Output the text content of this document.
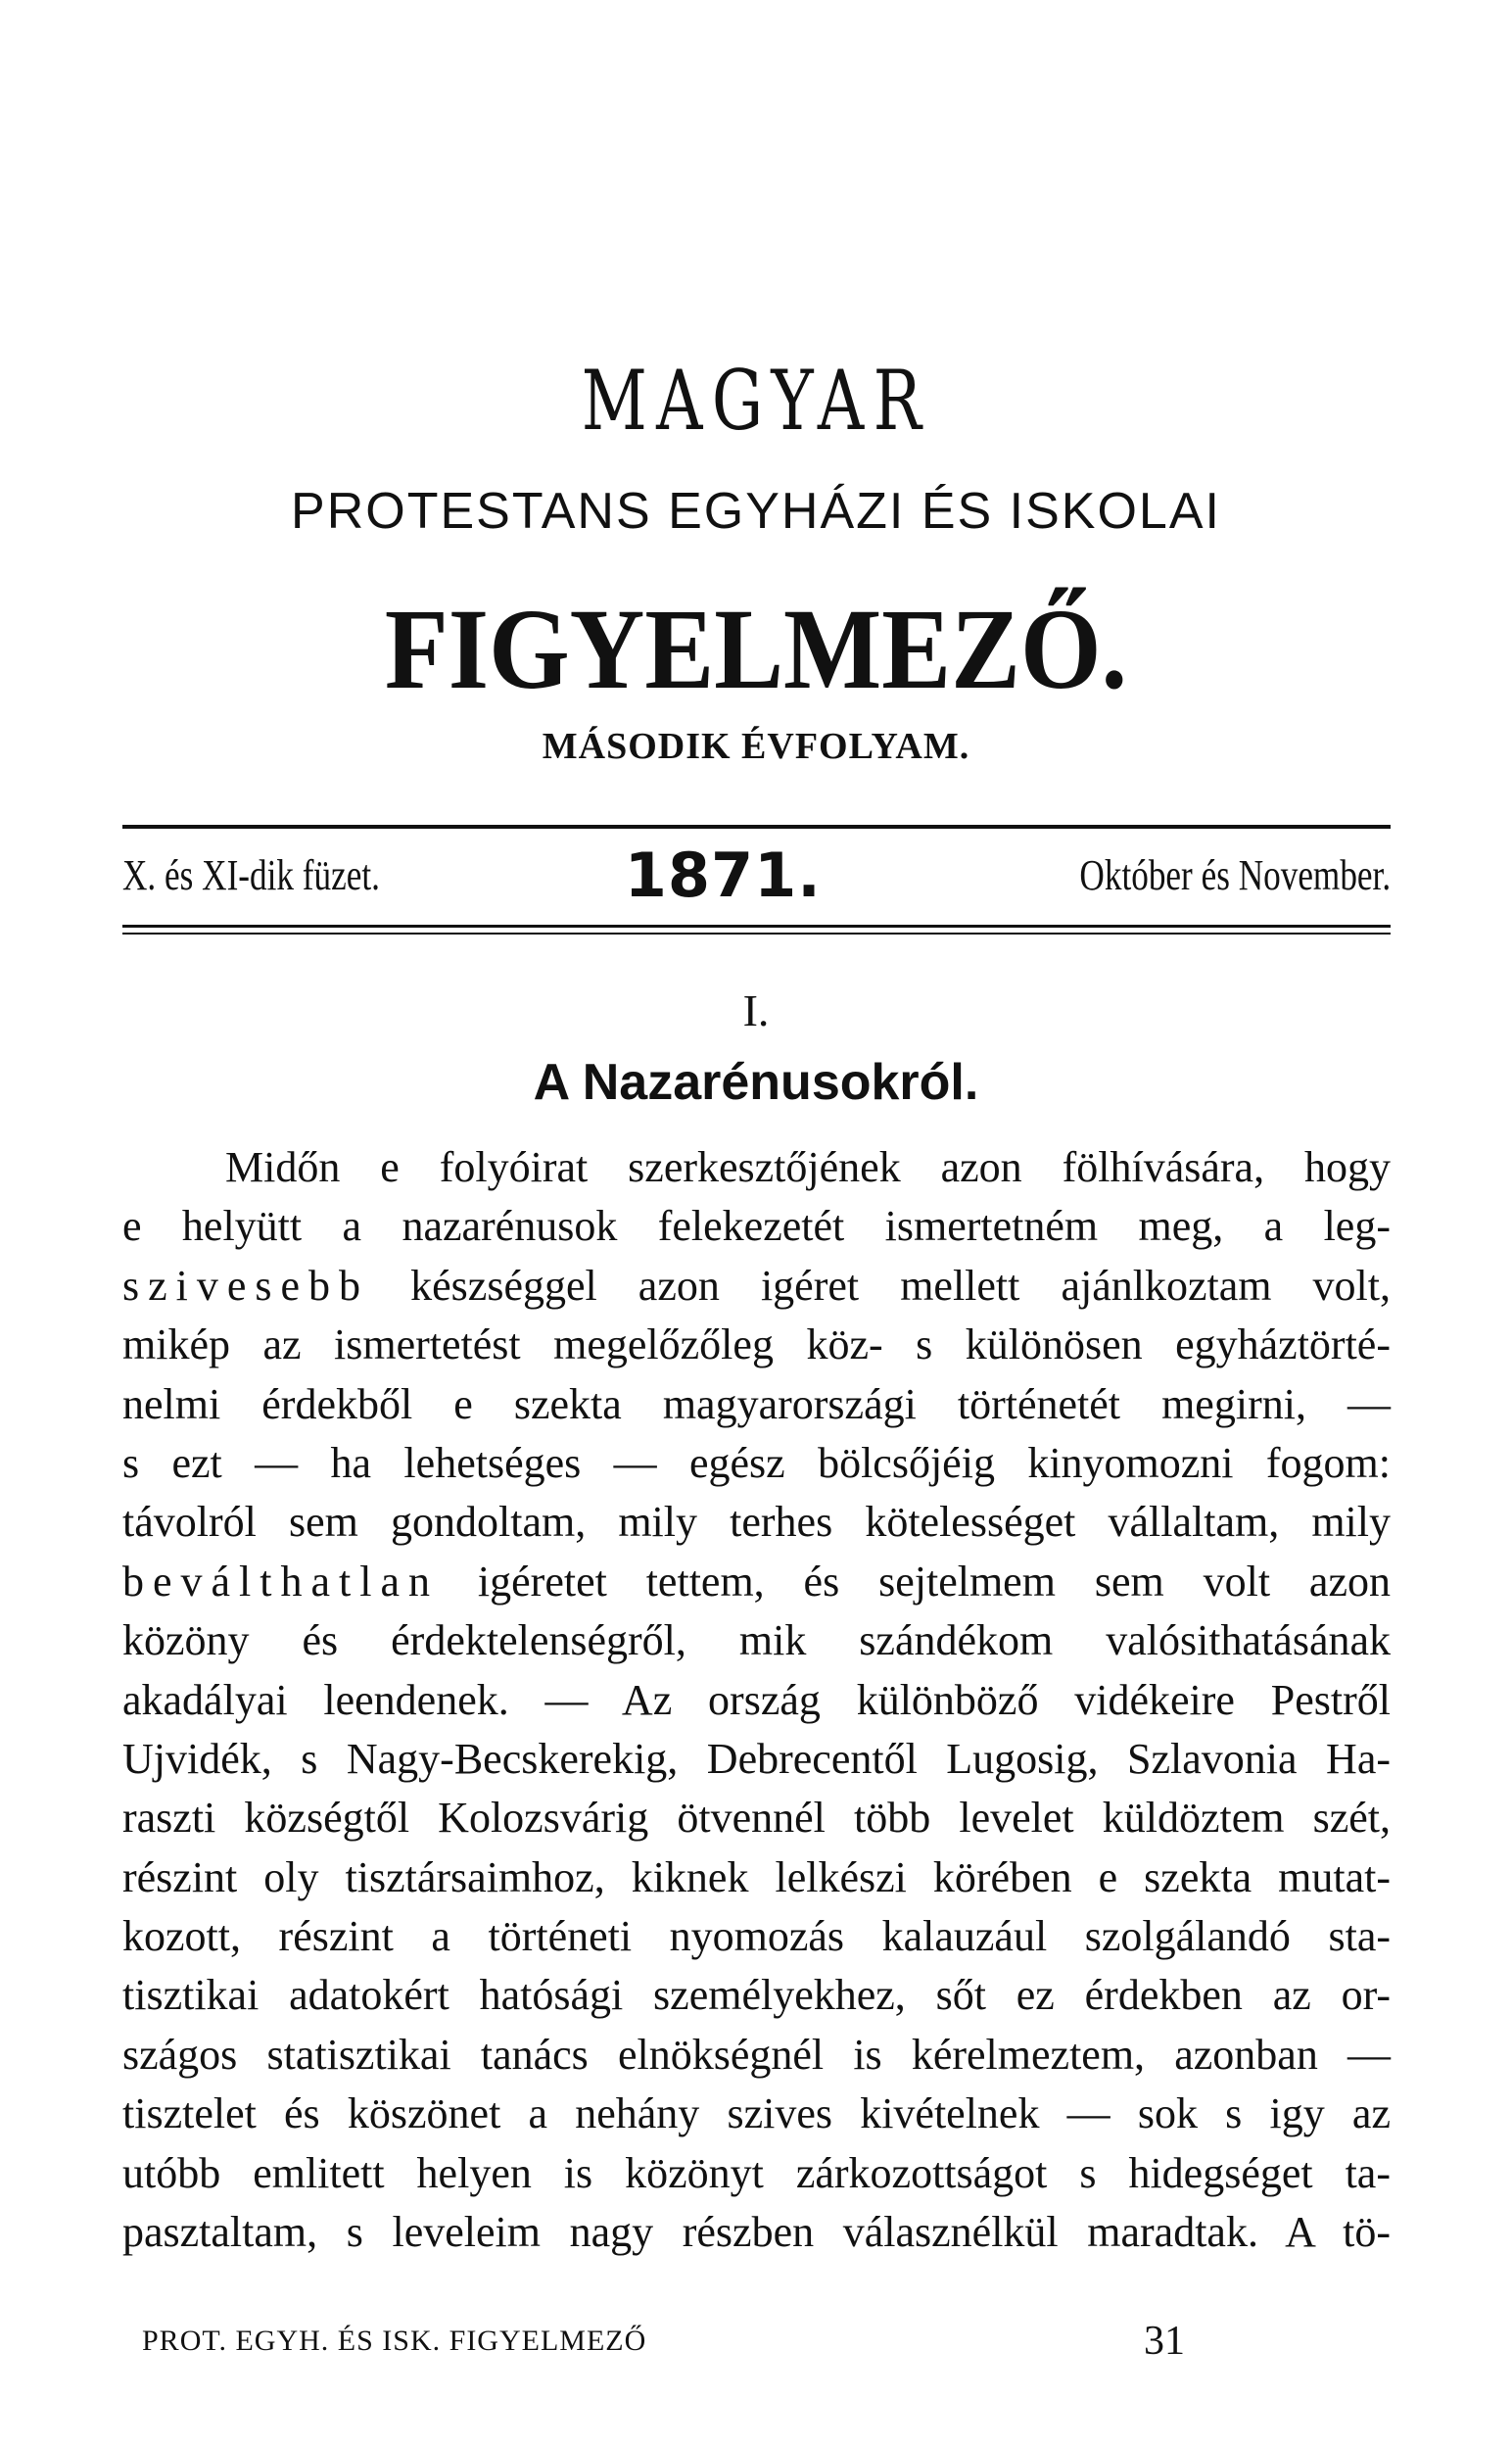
MAGYAR
PROTESTANS EGYHÁZI ÉS ISKOLAI
FIGYELMEZŐ.
MÁSODIK ÉVFOLYAM.
X. és XI-dik füzet.	1871.	Október és November.
I.
A Nazarénusokról.
Midőn e folyóirat szerkesztőjének azon fölhívására, hogy
e helyütt a nazarénusok felekezetét ismertetném meg, a leg-
szivesebb készséggel azon igéret mellett ajánlkoztam volt,
mikép az ismertetést megelőzőleg köz- s különösen egyháztörté-
nelmi érdekből e szekta magyarországi történetét megirni, —
s ezt — ha lehetséges — egész bölcsőjéig kinyomozni fogom:
távolról sem gondoltam, mily terhes kötelességet vállaltam, mily
beválthatlan igéretet tettem, és sejtelmem sem volt azon
közöny és érdektelenségről, mik szándékom valósithatásának
akadályai leendenek. — Az ország különböző vidékeire Pestről
Ujvidék, s Nagy-Becskerekig, Debrecentől Lugosig, Szlavonia Ha-
raszti községtől Kolozsvárig ötvennél több levelet küldöztem szét,
részint oly tisztársaimhoz, kiknek lelkészi körében e szekta mutat-
kozott, részint a történeti nyomozás kalauzául szolgálandó sta-
tisztikai adatokért hatósági személyekhez, sőt ez érdekben az or-
szágos statisztikai tanács elnökségnél is kérelmeztem, azonban —
tisztelet és köszönet a nehány szives kivételnek — sok s igy az
utóbb emlitett helyen is közönyt zárkozottságot s hidegséget ta-
pasztaltam, s leveleim nagy részben válasznélkül maradtak. A tö-
PROT. EGYH. ÉS ISK. FIGYELMEZŐ	31
